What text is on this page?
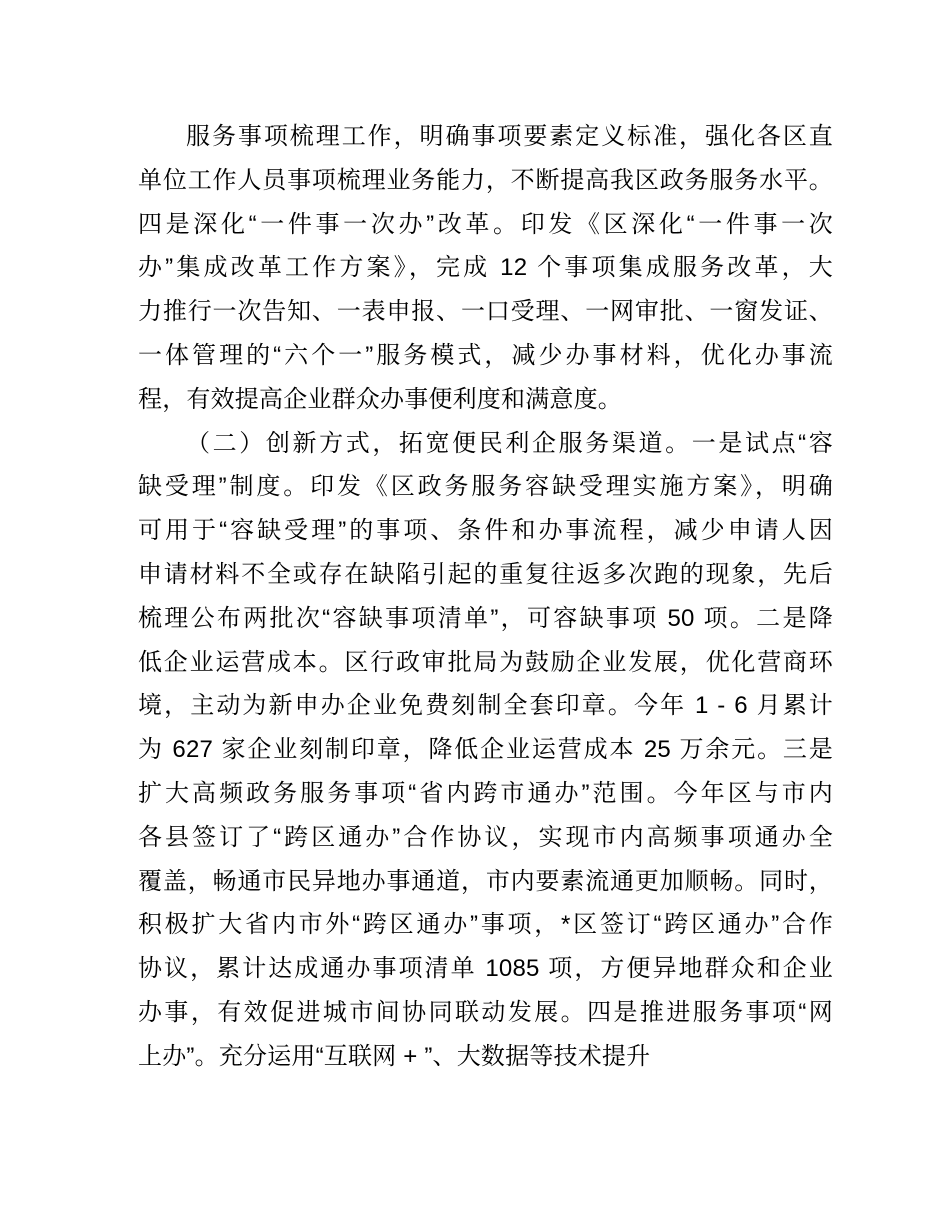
服务事项梳理工作，明确事项要素定义标准，强化各区直
单位工作人员事项梳理业务能力，不断提高我区政务服务水平。
四是深化“一件事一次办”改革。印发《区深化“一件事一次
办”集成改革工作方案》，完成 12 个事项集成服务改革，大
力推行一次告知、一表申报、一口受理、一网审批、一窗发证、
一体管理的“六个一”服务模式，减少办事材料，优化办事流
程，有效提高企业群众办事便利度和满意度。
（二）创新方式，拓宽便民利企服务渠道。一是试点“容
缺受理”制度。印发《区政务服务容缺受理实施方案》，明确
可用于“容缺受理”的事项、条件和办事流程，减少申请人因
申请材料不全或存在缺陷引起的重复往返多次跑的现象，先后
梳理公布两批次“容缺事项清单”，可容缺事项 50 项。二是降
低企业运营成本。区行政审批局为鼓励企业发展，优化营商环
境，主动为新申办企业免费刻制全套印章。今年 1 - 6 月累计
为 627 家企业刻制印章，降低企业运营成本 25 万余元。三是
扩大高频政务服务事项“省内跨市通办”范围。今年区与市内
各县签订了“跨区通办”合作协议，实现市内高频事项通办全
覆盖，畅通市民异地办事通道，市内要素流通更加顺畅。同时，
积极扩大省内市外“跨区通办”事项，*区签订“跨区通办”合作
协议，累计达成通办事项清单 1085 项，方便异地群众和企业
办事，有效促进城市间协同联动发展。四是推进服务事项“网
上办”。充分运用“互联网 + ”、大数据等技术提升
